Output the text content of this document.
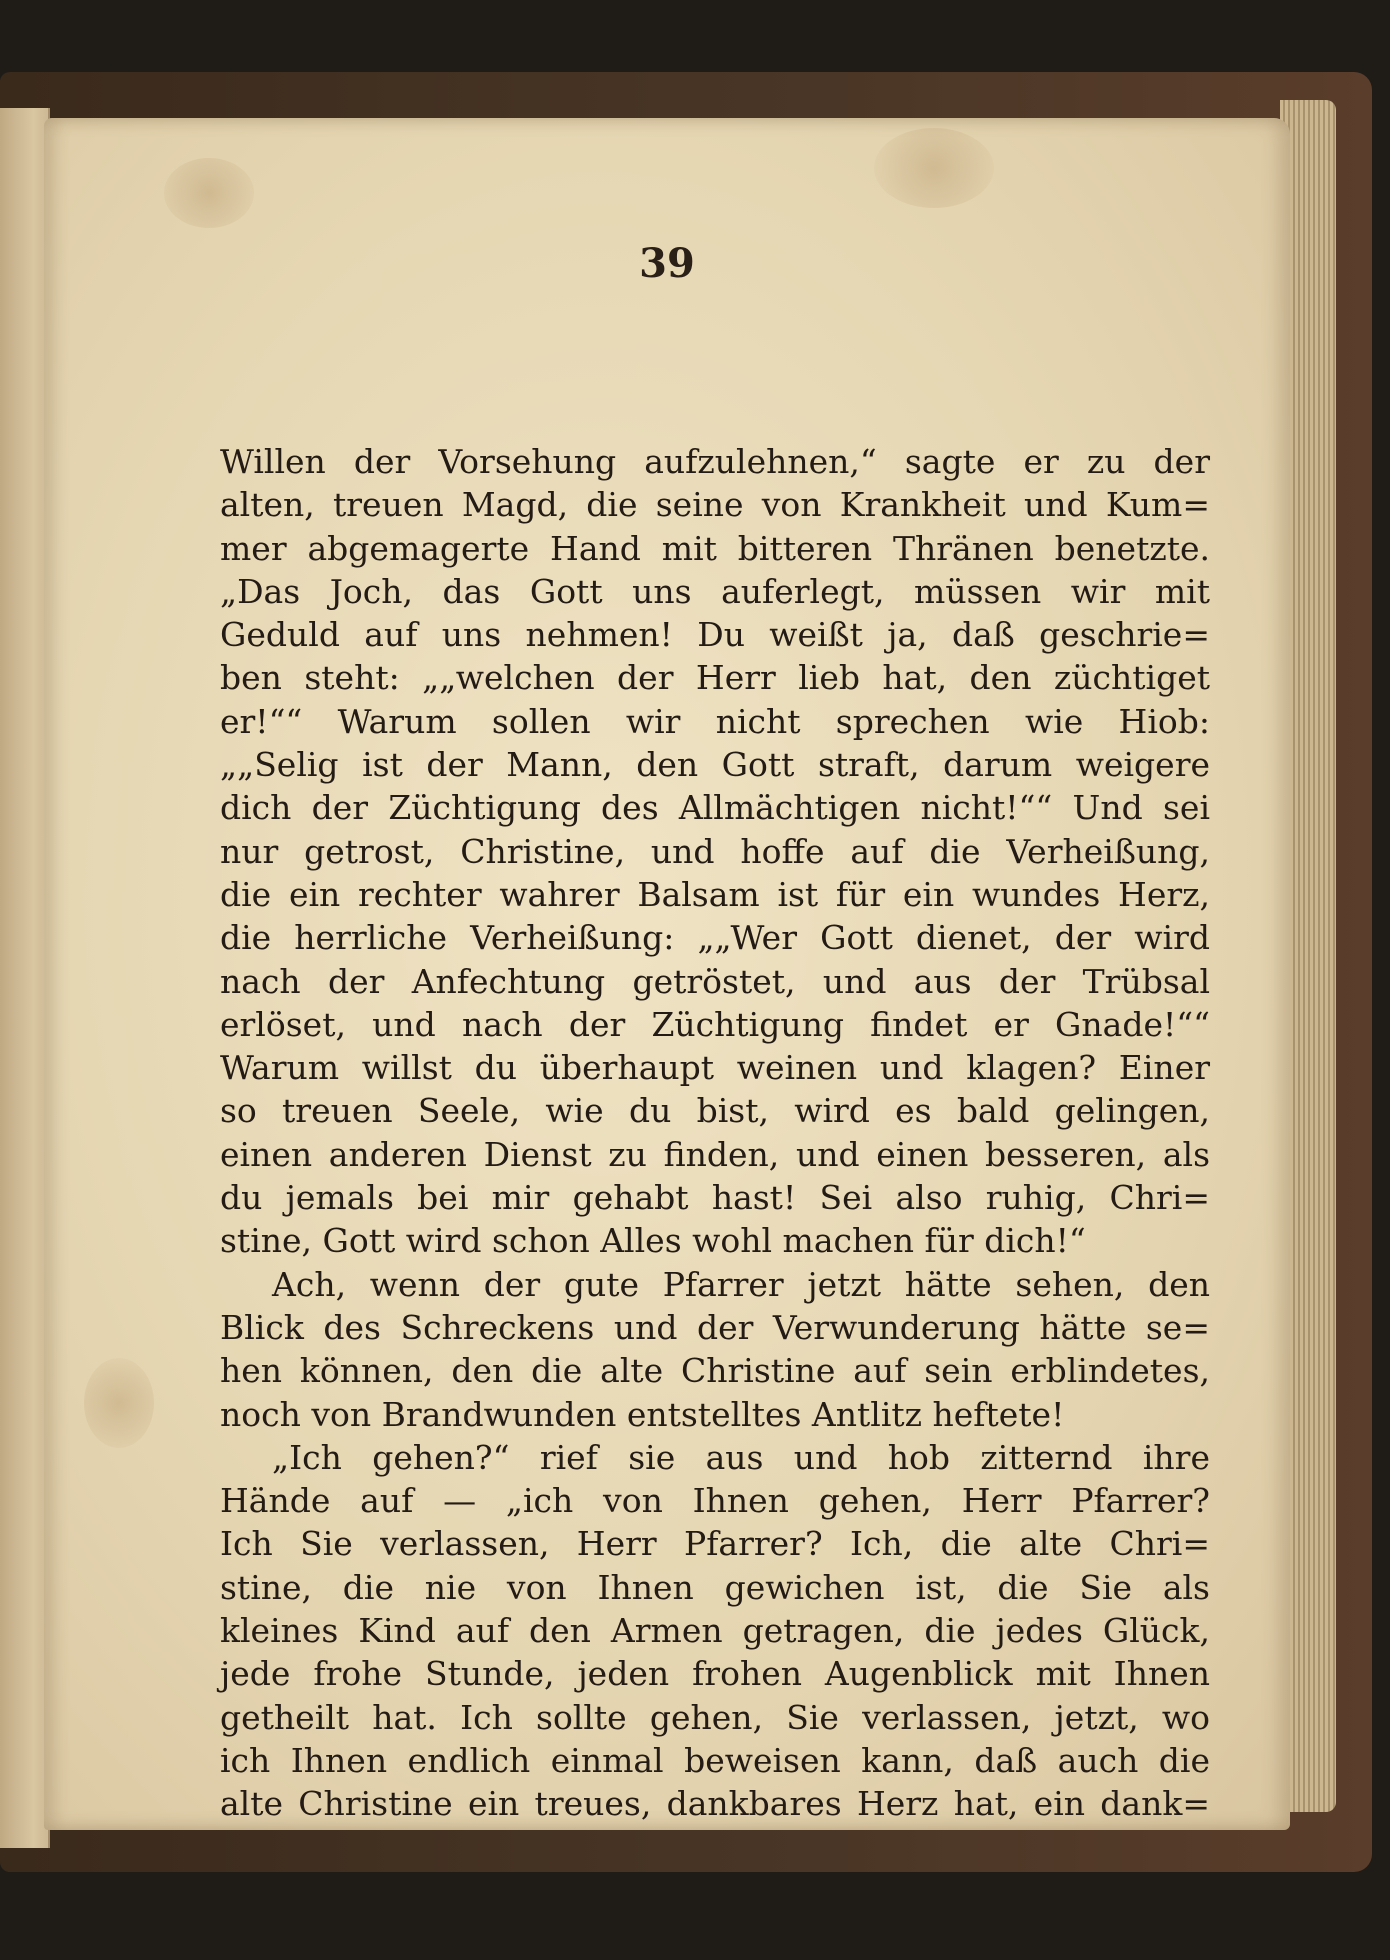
39
Willen der Vorsehung aufzulehnen,“ sagte er zu der
alten, treuen Magd, die seine von Krankheit und Kum=
mer abgemagerte Hand mit bitteren Thränen benetzte.
„Das Joch, das Gott uns auferlegt, müssen wir mit
Geduld auf uns nehmen! Du weißt ja, daß geschrie=
ben steht: „„welchen der Herr lieb hat, den züchtiget
er!““ Warum sollen wir nicht sprechen wie Hiob:
„„Selig ist der Mann, den Gott straft, darum weigere
dich der Züchtigung des Allmächtigen nicht!““ Und sei
nur getrost, Christine, und hoffe auf die Verheißung,
die ein rechter wahrer Balsam ist für ein wundes Herz,
die herrliche Verheißung: „„Wer Gott dienet, der wird
nach der Anfechtung getröstet, und aus der Trübsal
erlöset, und nach der Züchtigung findet er Gnade!““
Warum willst du überhaupt weinen und klagen? Einer
so treuen Seele, wie du bist, wird es bald gelingen,
einen anderen Dienst zu finden, und einen besseren, als
du jemals bei mir gehabt hast! Sei also ruhig, Chri=
stine, Gott wird schon Alles wohl machen für dich!“
Ach, wenn der gute Pfarrer jetzt hätte sehen, den
Blick des Schreckens und der Verwunderung hätte se=
hen können, den die alte Christine auf sein erblindetes,
noch von Brandwunden entstelltes Antlitz heftete!
„Ich gehen?“ rief sie aus und hob zitternd ihre
Hände auf — „ich von Ihnen gehen, Herr Pfarrer?
Ich Sie verlassen, Herr Pfarrer? Ich, die alte Chri=
stine, die nie von Ihnen gewichen ist, die Sie als
kleines Kind auf den Armen getragen, die jedes Glück,
jede frohe Stunde, jeden frohen Augenblick mit Ihnen
getheilt hat. Ich sollte gehen, Sie verlassen, jetzt, wo
ich Ihnen endlich einmal beweisen kann, daß auch die
alte Christine ein treues, dankbares Herz hat, ein dank=
